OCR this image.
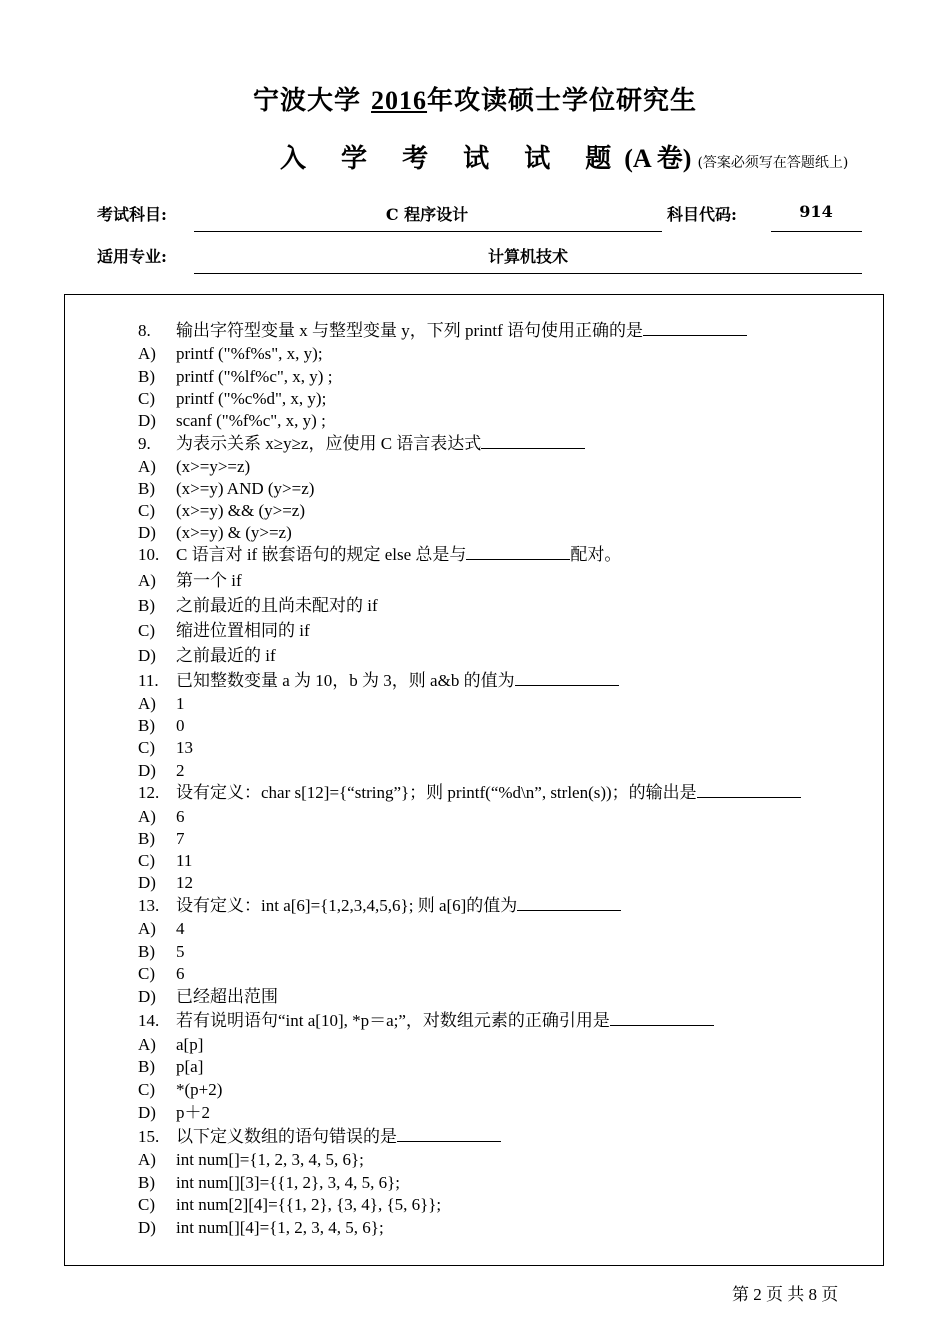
宁波大学 2016年攻读硕士学位研究生
入 学 考 试 试 题(A 卷) (答案必须写在答题纸上)
考试科目:	C 程序设计	科目代码:	914
适用专业:	计算机技术
8. 输出字符型变量 x 与整型变量 y，下列 printf 语句使用正确的是
A) printf ("%f%s", x, y);
B) printf ("%lf%c", x, y) ;
C) printf ("%c%d", x, y);
D) scanf ("%f%c", x, y) ;
9. 为表示关系 x≥y≥z，应使用 C 语言表达式
A) (x>=y>=z)
B) (x>=y) AND (y>=z)
C) (x>=y) && (y>=z)
D) (x>=y) & (y>=z)
10. C 语言对 if 嵌套语句的规定 else 总是与	配对。
A) 第一个 if
B) 之前最近的且尚未配对的 if
C) 缩进位置相同的 if
D) 之前最近的 if
11. 已知整数变量 a 为 10，b 为 3，则 a&b 的值为
A) 1
B) 0
C) 13
D) 2
12. 设有定义：char s[12]={“string”}；则 printf(“%d\n”, strlen(s))；的输出是
A) 6
B) 7
C) 11
D) 12
13. 设有定义：int a[6]={1,2,3,4,5,6}; 则 a[6]的值为
A) 4
B) 5
C) 6
D) 已经超出范围
14. 若有说明语句“int a[10], *p＝a;”，对数组元素的正确引用是
A) a[p]
B) p[a]
C) *(p+2)
D) p＋2
15. 以下定义数组的语句错误的是
A) int num[]={1, 2, 3, 4, 5, 6};
B) int num[][3]={{1, 2}, 3, 4, 5, 6};
C) int num[2][4]={{1, 2}, {3, 4}, {5, 6}};
D) int num[][4]={1, 2, 3, 4, 5, 6};
第 2 页 共 8 页
